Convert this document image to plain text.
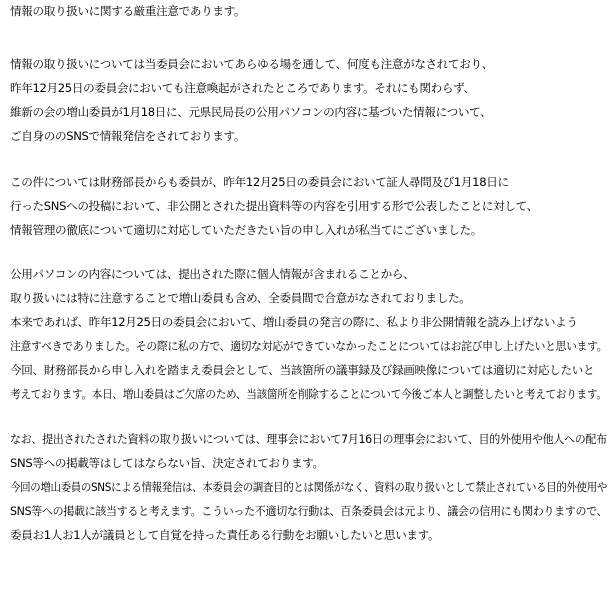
情報の取り扱いに関する厳重注意であります。
情報の取り扱いについては当委員会においてあらゆる場を通して、何度も注意がなされており、
昨年12月25日の委員会においても注意喚起がされたところであります。それにも関わらず、
維新の会の増山委員が1月18日に、元県民局長の公用パソコンの内容に基づいた情報について、
ご自身ののSNSで情報発信をされております。
この件については財務部長からも委員が、昨年12月25日の委員会において証人尋問及び1月18日に
行ったSNSへの投稿において、非公開とされた提出資料等の内容を引用する形で公表したことに対して、
情報管理の徹底について適切に対応していただきたい旨の申し入れが私当てにございました。
公用パソコンの内容については、提出された際に個人情報が含まれることから、
取り扱いには特に注意することで増山委員も含め、全委員間で合意がなされておりました。
本来であれば、昨年12月25日の委員会において、増山委員の発言の際に、私より非公開情報を読み上げないよう
注意すべきでありました。その際に私の方で、適切な対応ができていなかったことについてはお詫び申し上げたいと思います。
今回、財務部長から申し入れを踏まえ委員会として、当該箇所の議事録及び録画映像については適切に対応したいと
考えております。本日、増山委員はご欠席のため、当該箇所を削除することについて今後ご本人と調整したいと考えております。
なお、提出されたされた資料の取り扱いについては、理事会において7月16日の理事会において、目的外使用や他人への配布
SNS等への掲載等はしてはならない旨、決定されております。
今回の増山委員のSNSによる情報発信は、本委員会の調査目的とは関係がなく、資料の取り扱いとして禁止されている目的外使用や
SNS等への掲載に該当すると考えます。こういった不適切な行動は、百条委員会は元より、議会の信用にも関わりますので、
委員お1人お1人が議員として自覚を持った責任ある行動をお願いしたいと思います。
